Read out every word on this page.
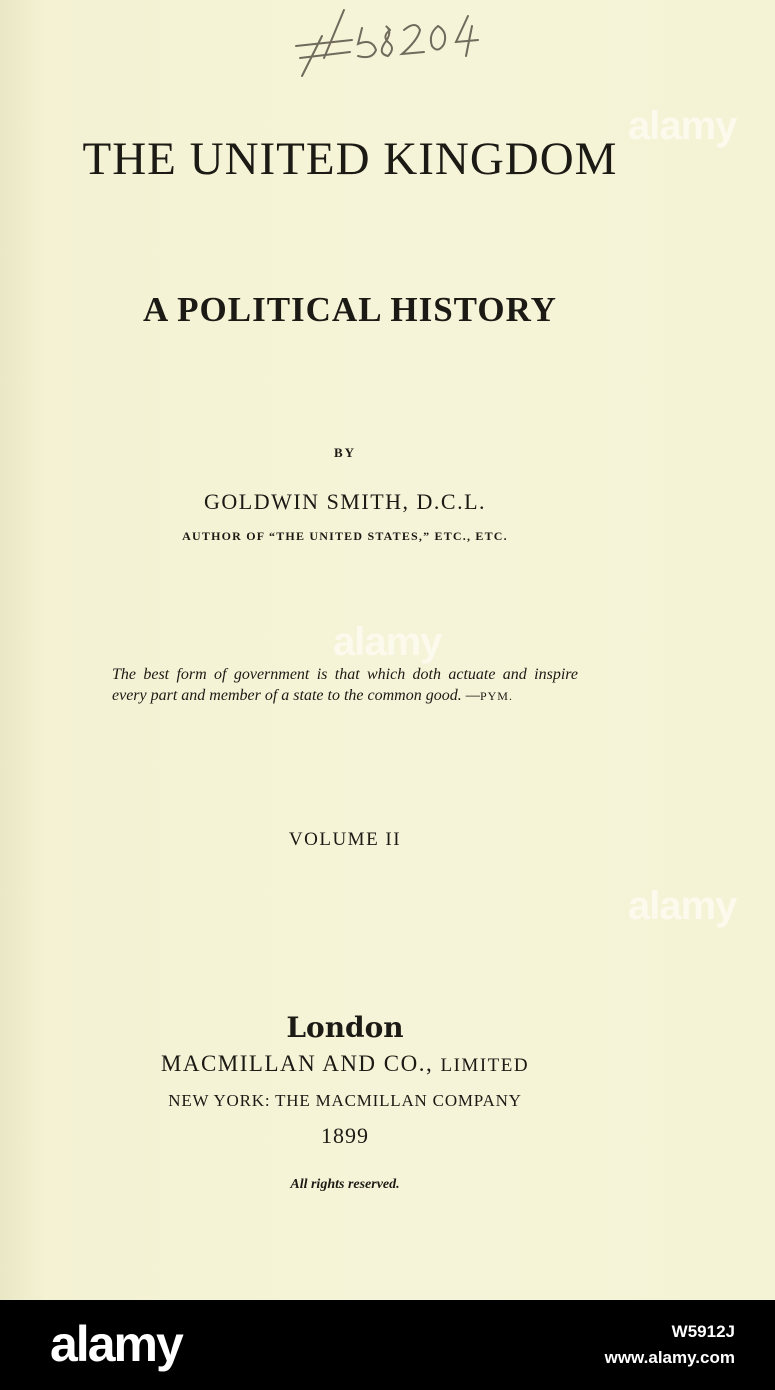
THE UNITED KINGDOM
A POLITICAL HISTORY
BY
GOLDWIN SMITH, D.C.L.
AUTHOR OF “THE UNITED STATES,” ETC., ETC.
The best form of government is that which doth actuate and inspire every part and member of a state to the common good. —PYM.
VOLUME II
London
MACMILLAN AND CO., LIMITED
NEW YORK: THE MACMILLAN COMPANY
1899
All rights reserved.
alamy
alamy
alamy
alamy	W5912J
www.alamy.com
